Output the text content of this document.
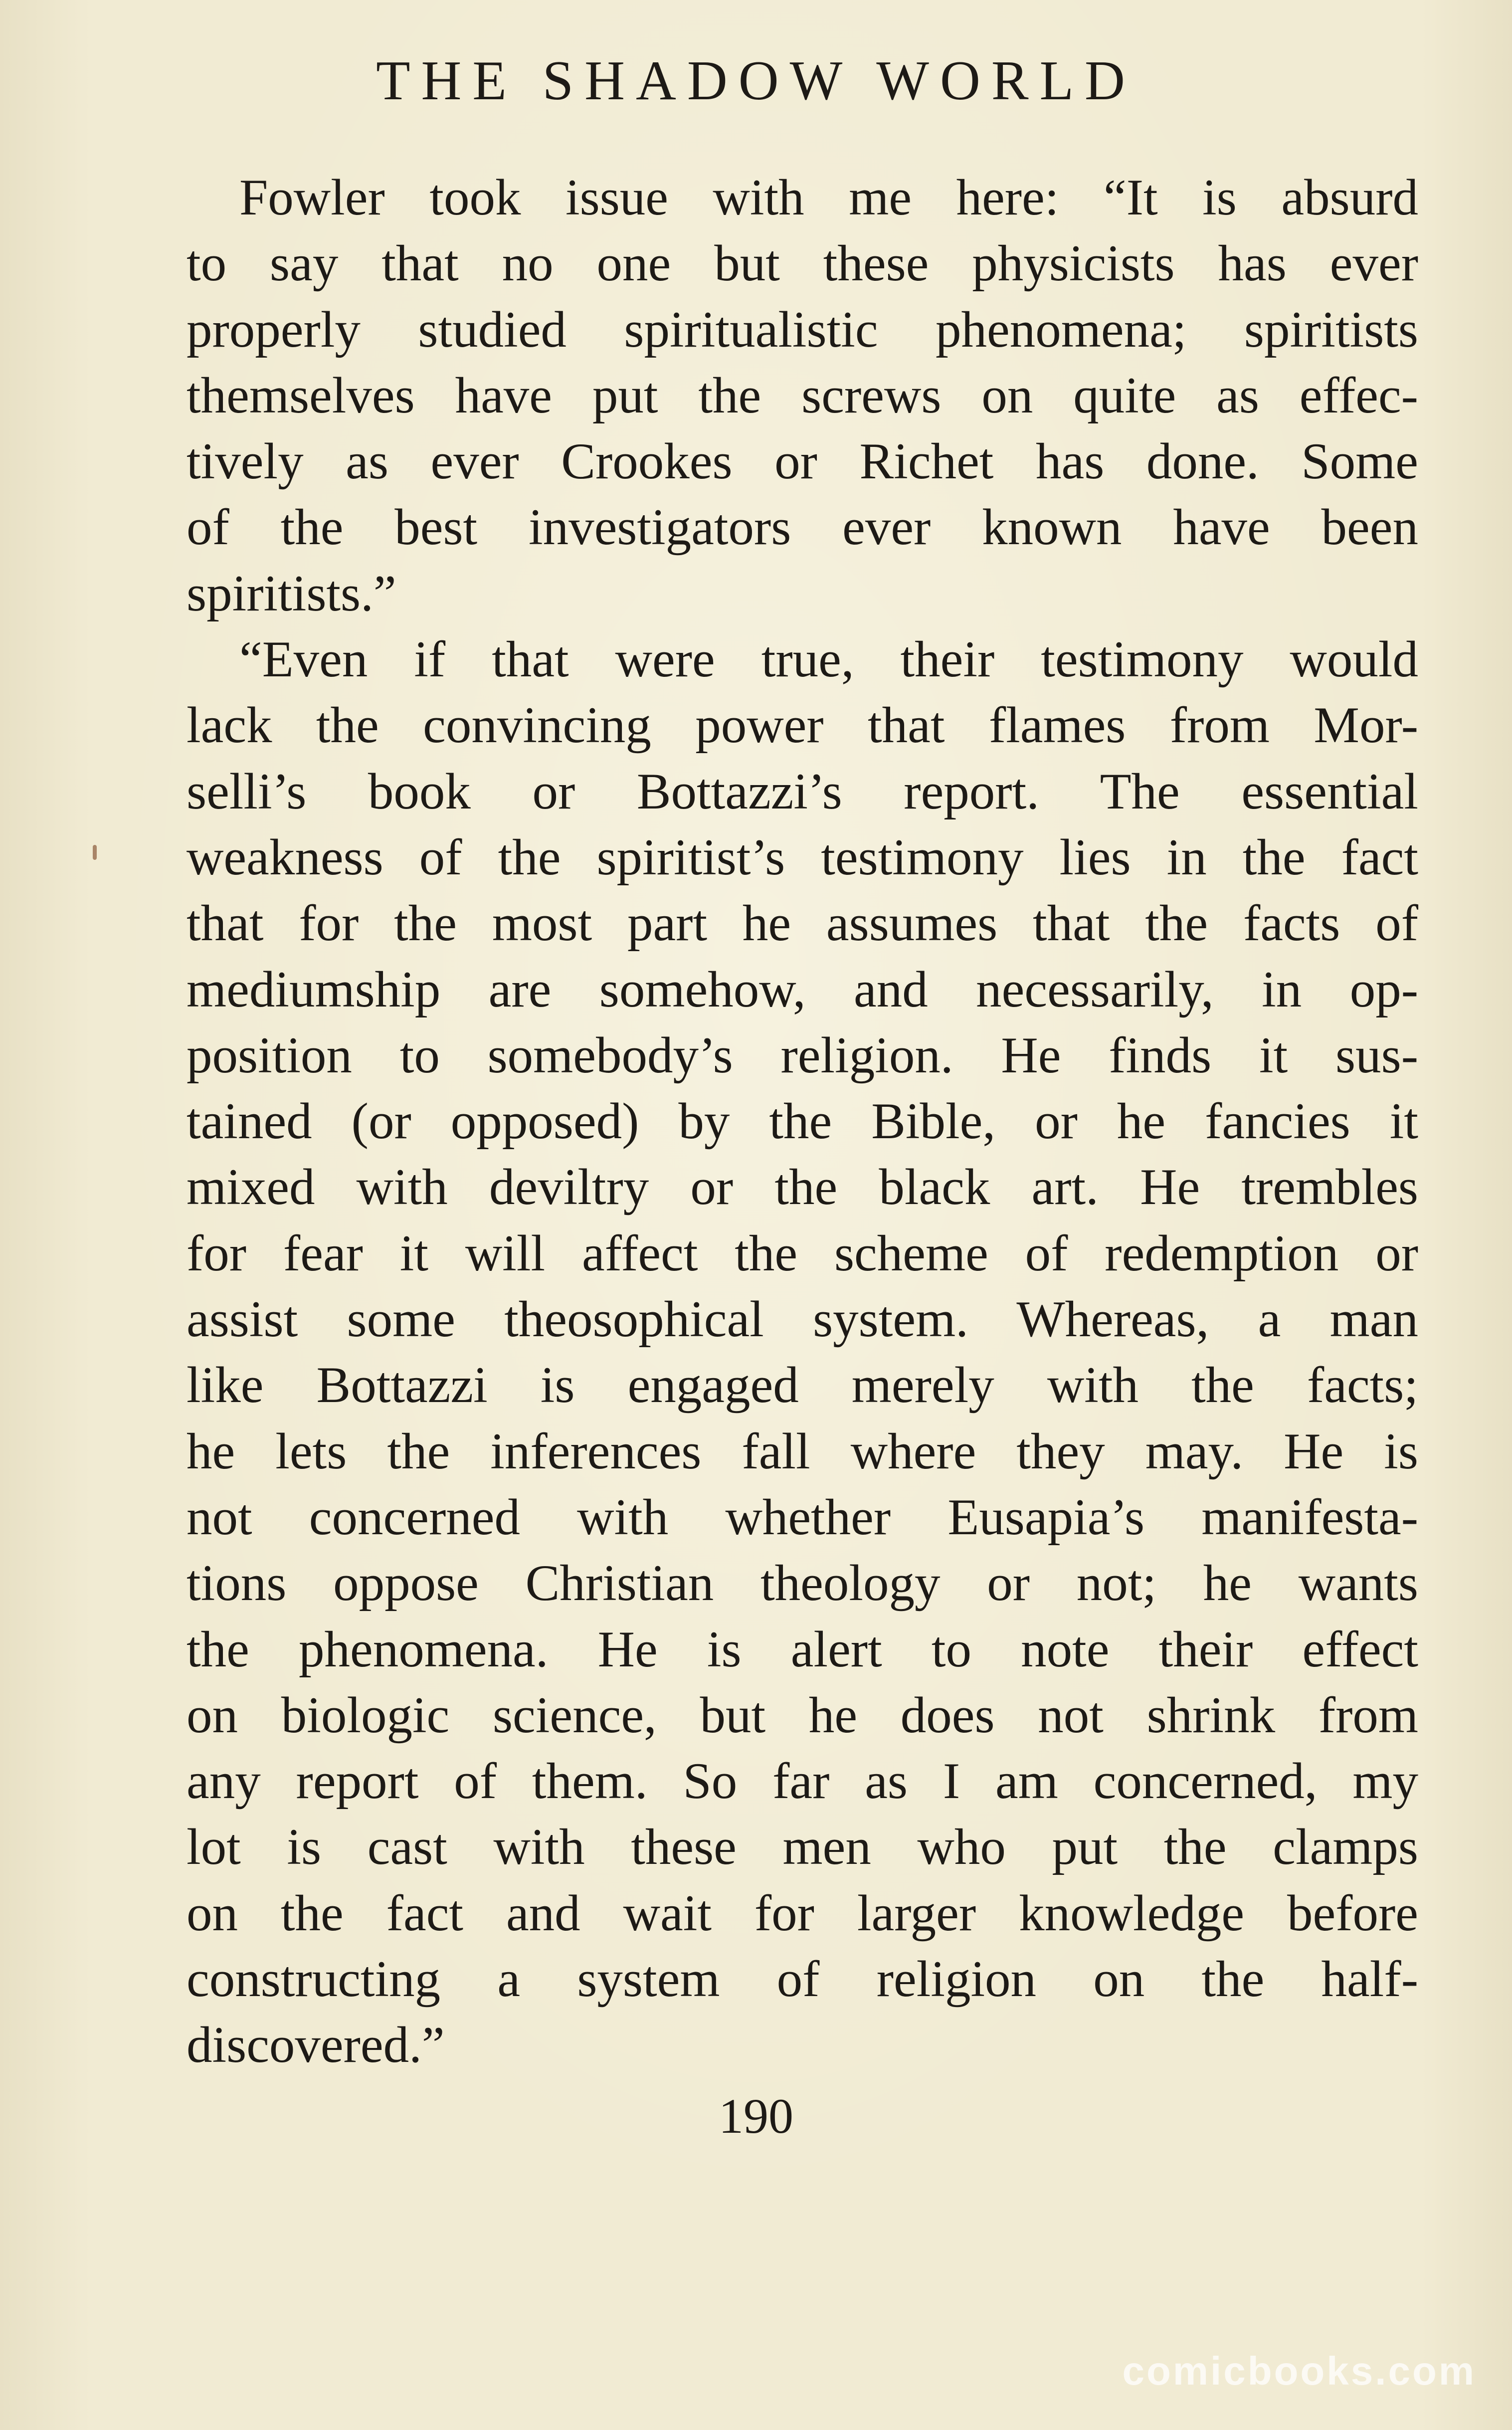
THE SHADOW WORLD
Fowler took issue with me here: “It is absurd
to say that no one but these physicists has ever
properly studied spiritualistic phenomena; spiritists
themselves have put the screws on quite as effec-
tively as ever Crookes or Richet has done. Some
of the best investigators ever known have been
spiritists.”
“Even if that were true, their testimony would
lack the convincing power that flames from Mor-
selli’s book or Bottazzi’s report. The essential
weakness of the spiritist’s testimony lies in the fact
that for the most part he assumes that the facts of
mediumship are somehow, and necessarily, in op-
position to somebody’s religion. He finds it sus-
tained (or opposed) by the Bible, or he fancies it
mixed with deviltry or the black art. He trembles
for fear it will affect the scheme of redemption or
assist some theosophical system. Whereas, a man
like Bottazzi is engaged merely with the facts;
he lets the inferences fall where they may. He is
not concerned with whether Eusapia’s manifesta-
tions oppose Christian theology or not; he wants
the phenomena. He is alert to note their effect
on biologic science, but he does not shrink from
any report of them. So far as I am concerned, my
lot is cast with these men who put the clamps
on the fact and wait for larger knowledge before
constructing a system of religion on the half-
discovered.”
190
comicbooks.com
